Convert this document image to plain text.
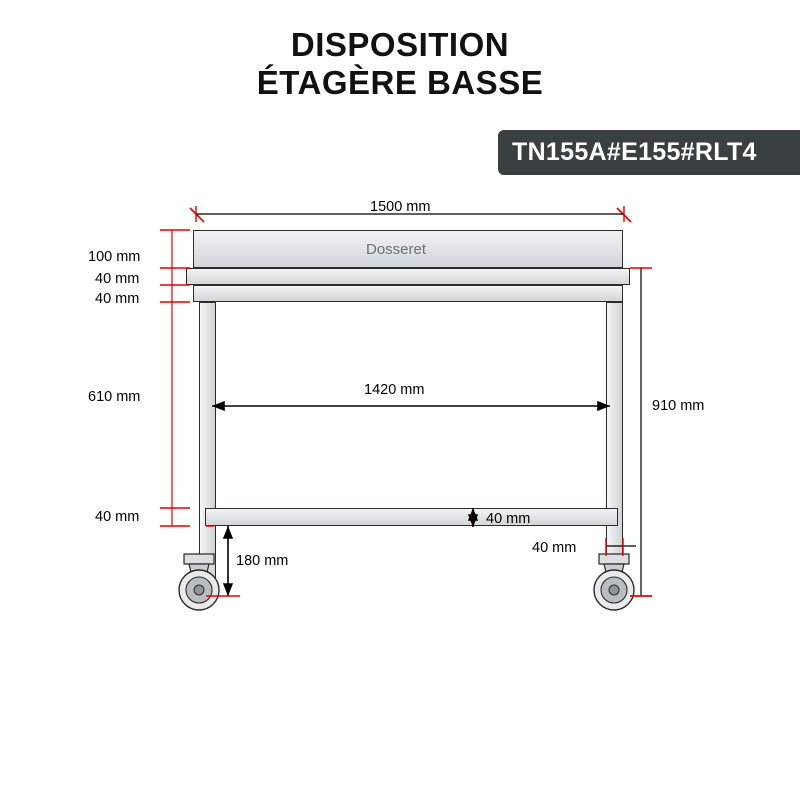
DISPOSITION
ÉTAGÈRE BASSE
TN155A#E155#RLT4
Dosseret
1500 mm
100 mm
40 mm
40 mm
610 mm	1420 mm
40 mm	40 mm
40 mm
180 mm
910 mm
